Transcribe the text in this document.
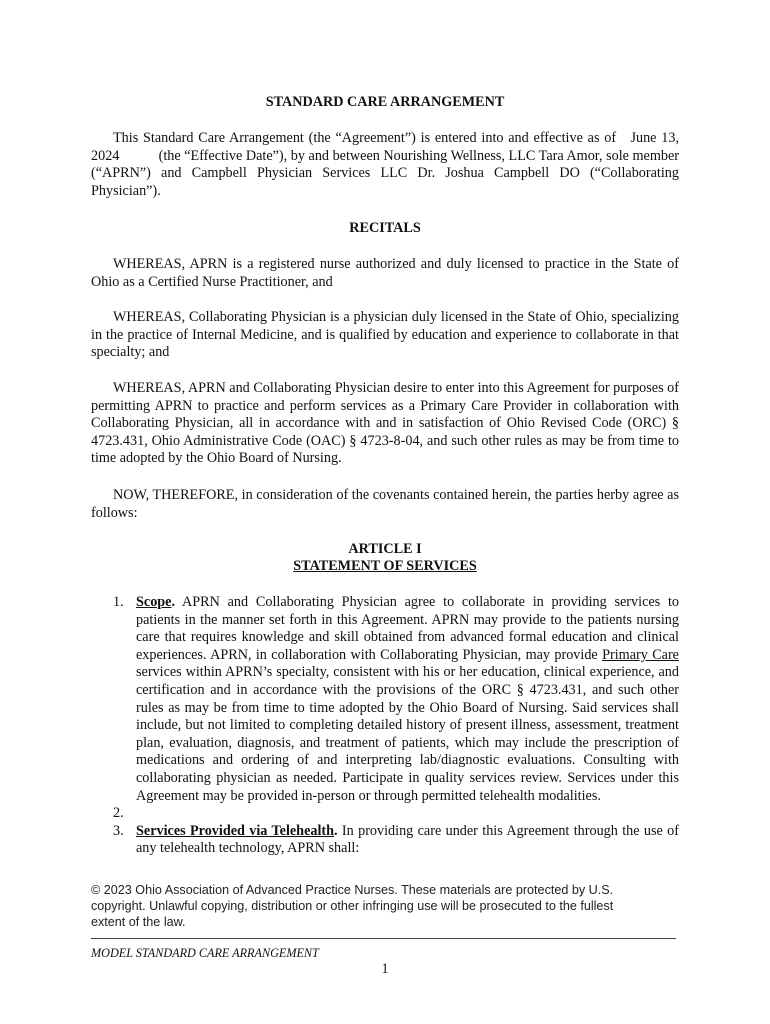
STANDARD CARE ARRANGEMENT
This Standard Care Arrangement (the “Agreement”) is entered into and effective as of   June 13, 2024           (the “Effective Date”), by and between Nourishing Wellness, LLC Tara Amor, sole member (“APRN”) and Campbell Physician Services LLC Dr. Joshua Campbell DO (“Collaborating Physician”).
RECITALS
WHEREAS, APRN is a registered nurse authorized and duly licensed to practice in the State of Ohio as a Certified Nurse Practitioner, and
WHEREAS, Collaborating Physician is a physician duly licensed in the State of Ohio, specializing in the practice of Internal Medicine, and is qualified by education and experience to collaborate in that specialty; and
WHEREAS, APRN and Collaborating Physician desire to enter into this Agreement for purposes of permitting APRN to practice and perform services as a Primary Care Provider in collaboration with Collaborating Physician, all in accordance with and in satisfaction of Ohio Revised Code (ORC) § 4723.431, Ohio Administrative Code (OAC) § 4723-8-04, and such other rules as may be from time to time adopted by the Ohio Board of Nursing.
NOW, THEREFORE, in consideration of the covenants contained herein, the parties herby agree as follows:
ARTICLE I
STATEMENT OF SERVICES
1. Scope. APRN and Collaborating Physician agree to collaborate in providing services to patients in the manner set forth in this Agreement. APRN may provide to the patients nursing care that requires knowledge and skill obtained from advanced formal education and clinical experiences. APRN, in collaboration with Collaborating Physician, may provide Primary Care services within APRN’s specialty, consistent with his or her education, clinical experience, and certification and in accordance with the provisions of the ORC § 4723.431, and such other rules as may be from time to time adopted by the Ohio Board of Nursing. Said services shall include, but not limited to completing detailed history of present illness, assessment, treatment plan, evaluation, diagnosis, and treatment of patients, which may include the prescription of medications and ordering of and interpreting lab/diagnostic evaluations. Consulting with collaborating physician as needed. Participate in quality services review. Services under this Agreement may be provided in-person or through permitted telehealth modalities.
2.
3. Services Provided via Telehealth. In providing care under this Agreement through the use of any telehealth technology, APRN shall:
© 2023 Ohio Association of Advanced Practice Nurses. These materials are protected by U.S. copyright. Unlawful copying, distribution or other infringing use will be prosecuted to the fullest extent of the law.
MODEL STANDARD CARE ARRANGEMENT
1
